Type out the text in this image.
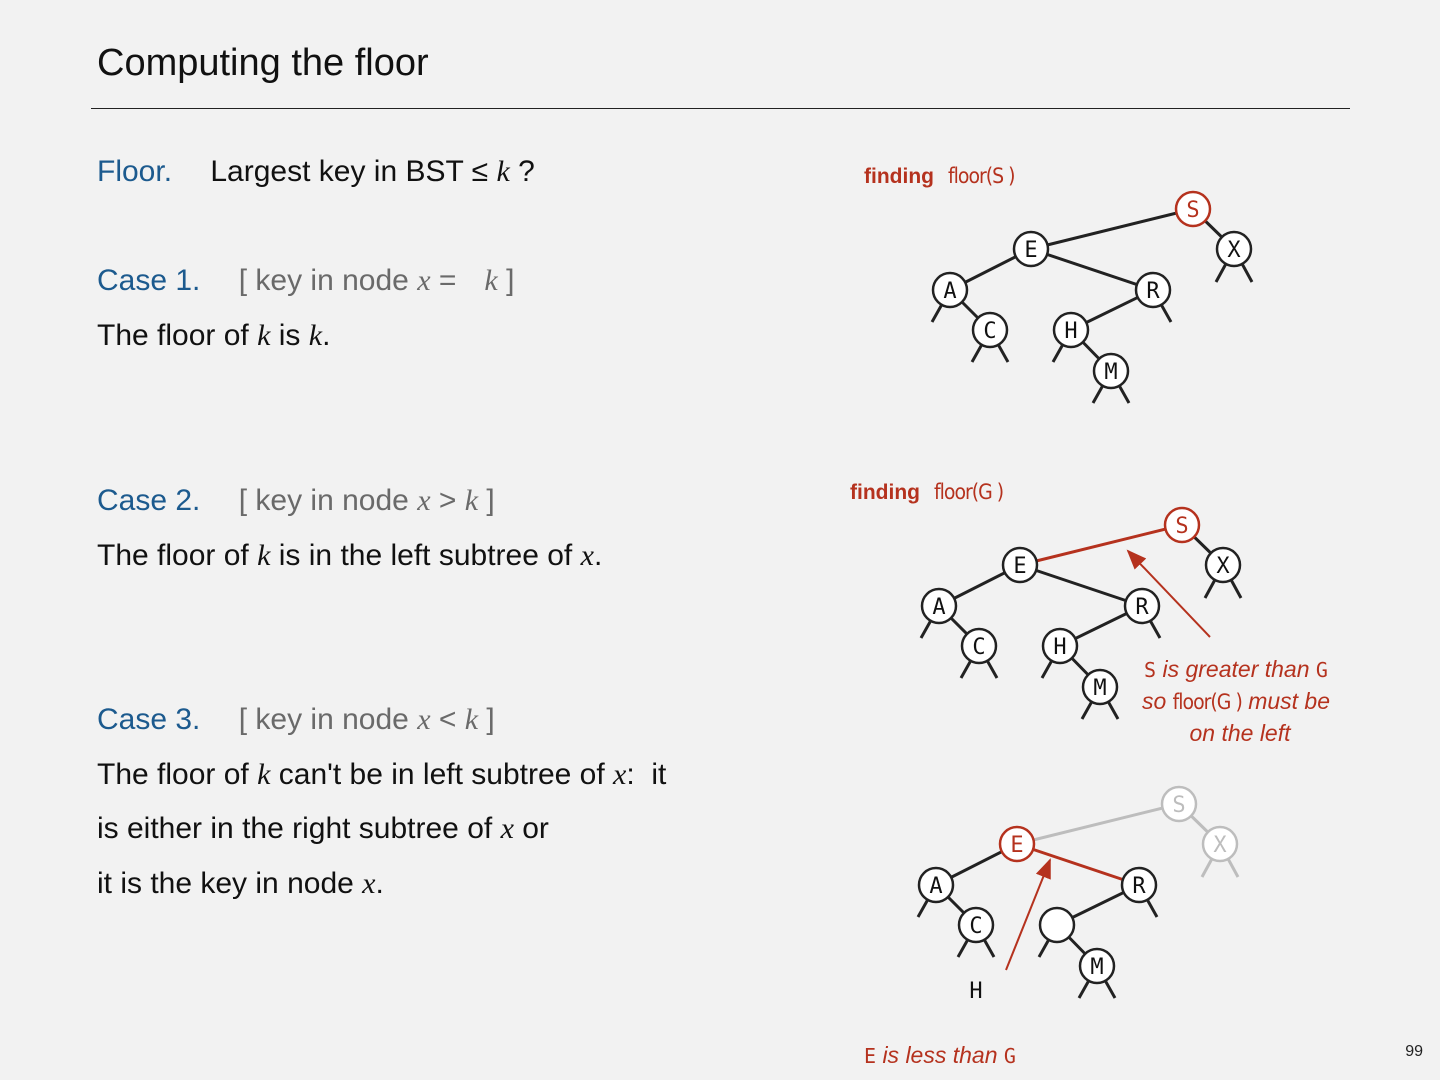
Computing the floor
Floor. Largest key in BST ≤ k ?
Case 1. [ key in node x = k ]
The floor of k is k.
Case 2. [ key in node x > k ]
The floor of k is in the left subtree of x.
Case 3. [ key in node x < k ]
The floor of k can't be in left subtree of x:  it
is either in the right subtree of x or
it is the key in node x.
99
finding floor(S )
S
E	X
A	R
C	H
M
finding floor(G )
S
E	X
A	R
C	H
M
S is greater than G
so floor(G ) must be
on the left
S
E	X
A	R
C
M
H
E is less than G
